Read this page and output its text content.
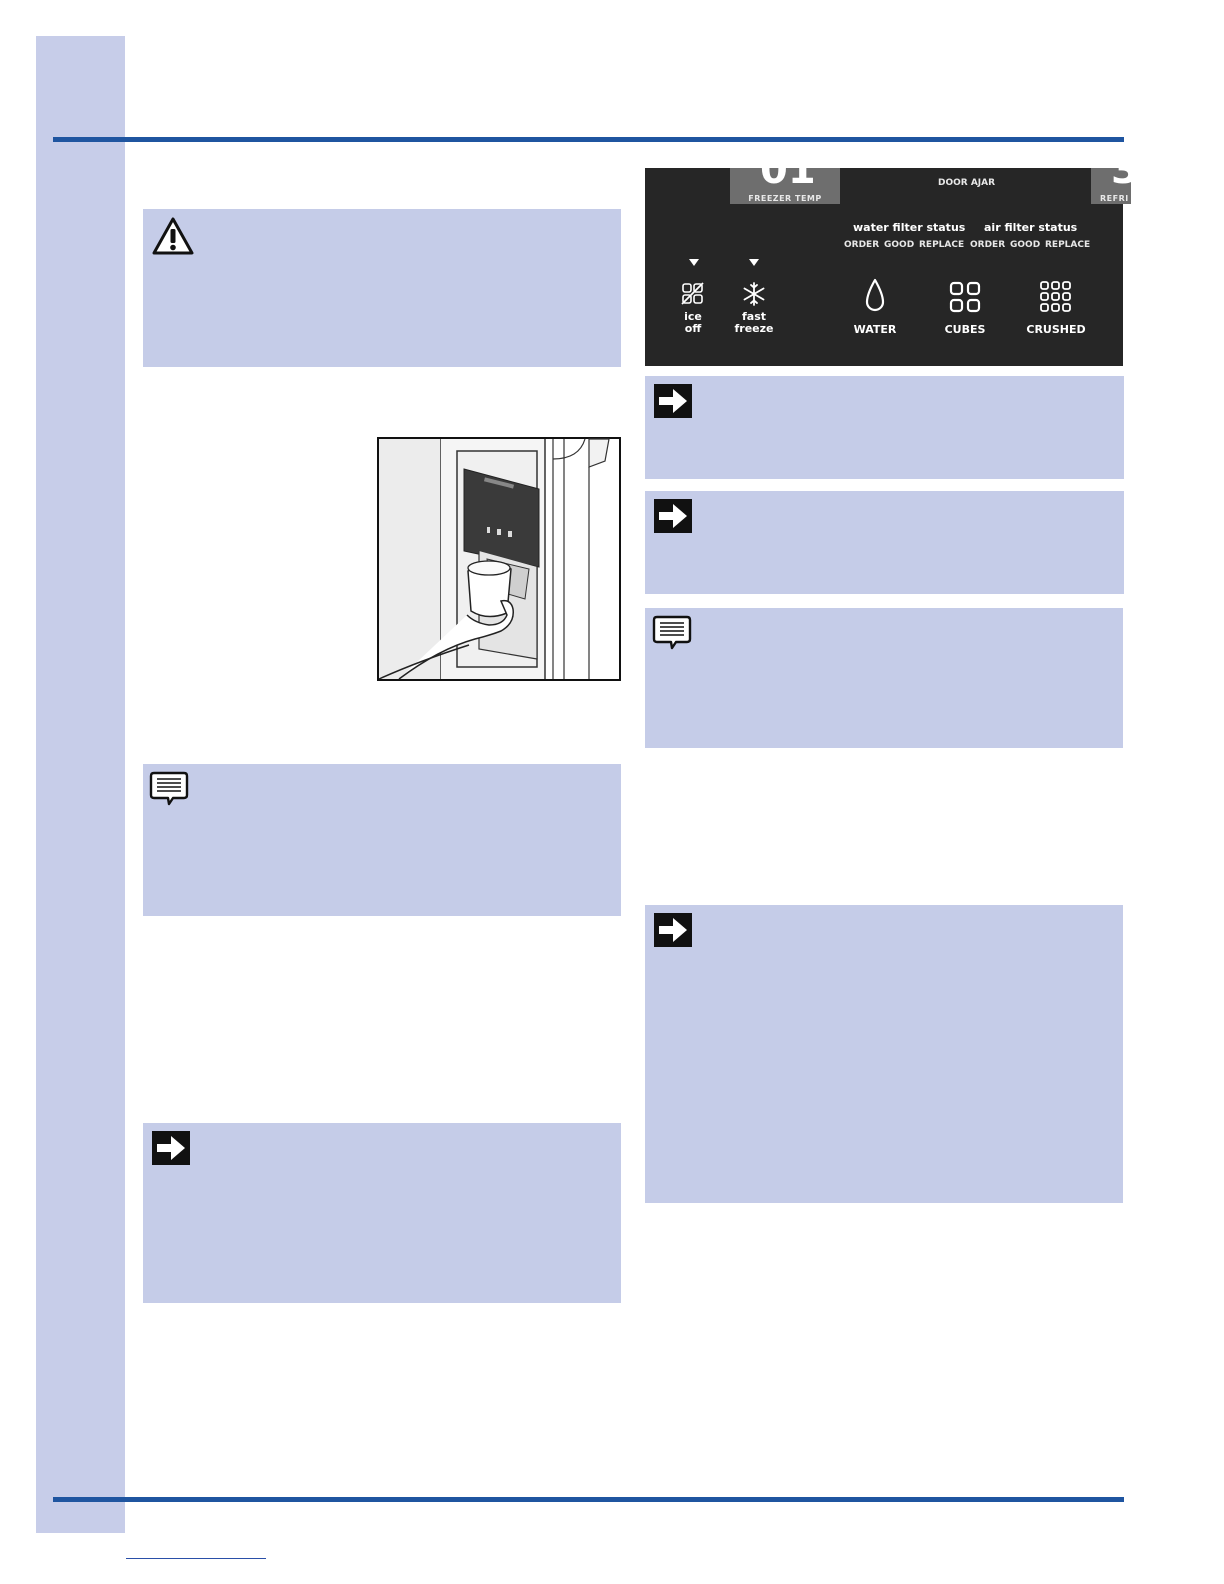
01
FREEZER TEMP
DOOR AJAR	3
REFRI
water filter status air filter status
ORDER GOOD REPLACE ORDER GOOD REPLACE
ice
off
fast
freeze	WATER	CUBES	CRUSHED
